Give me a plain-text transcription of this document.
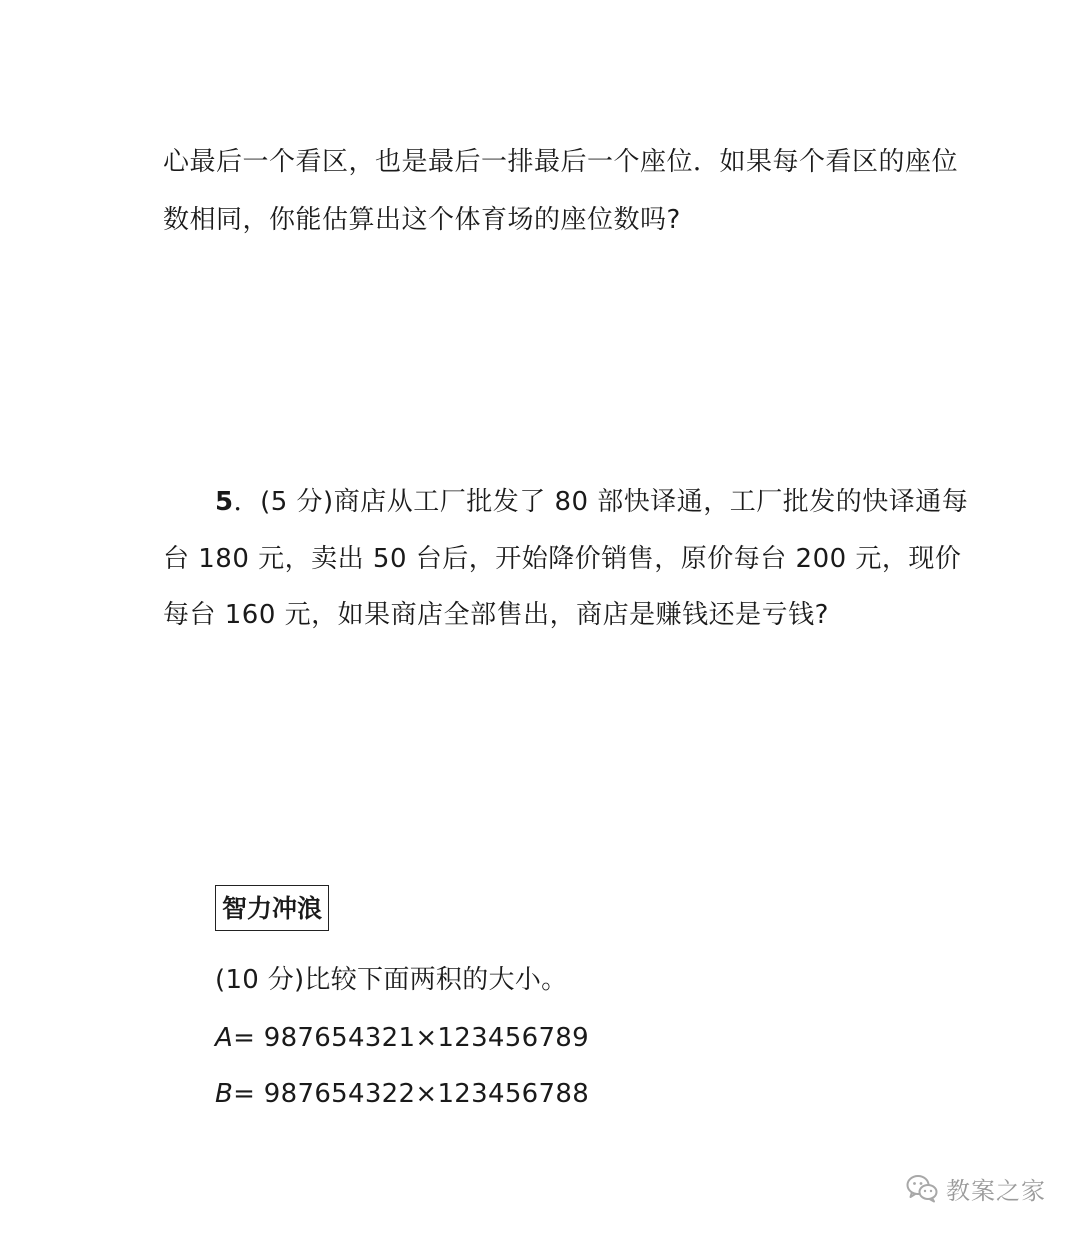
心最后一个看区，也是最后一排最后一个座位．如果每个看区的座位
数相同，你能估算出这个体育场的座位数吗?
5．(5 分)商店从工厂批发了 80 部快译通，工厂批发的快译通每
台 180 元，卖出 50 台后，开始降价销售，原价每台 200 元，现价
每台 160 元，如果商店全部售出，商店是赚钱还是亏钱?
智力冲浪
(10 分)比较下面两积的大小。
A= 987654321×123456789
B= 987654322×123456788
教案之家
